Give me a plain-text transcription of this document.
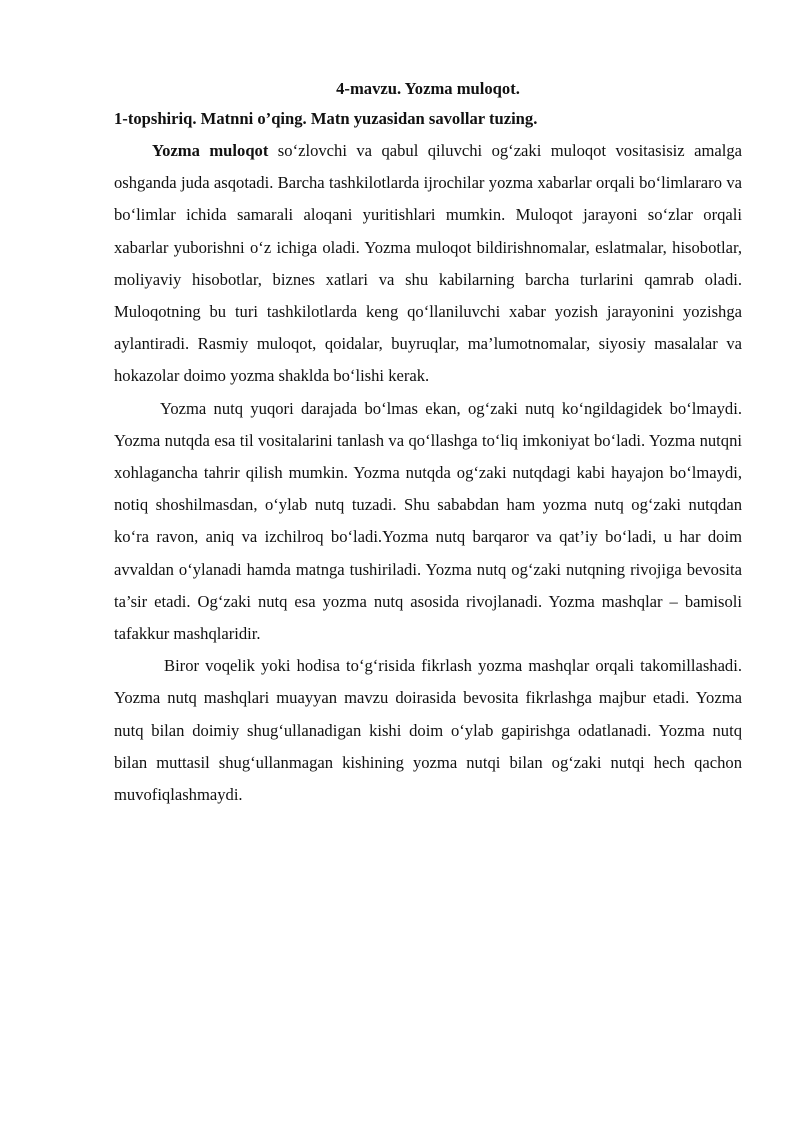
4-mavzu. Yozma muloqot.

1-topshiriq. Matnni o’qing. Matn yuzasidan savollar tuzing.

Yozma muloqot so‘zlovchi va qabul qiluvchi og‘zaki muloqot vositasisiz amalga oshganda juda asqotadi. Barcha tashkilotlarda ijrochilar yozma xabarlar orqali bo‘limlararo va bo‘limlar ichida samarali aloqani yuritishlari mumkin. Muloqot jarayoni so‘zlar orqali xabarlar yuborishni o‘z ichiga oladi. Yozma muloqot bildirishnomalar, eslatmalar, hisobotlar, moliyaviy hisobotlar, biznes xatlari va shu kabilarning barcha turlarini qamrab oladi. Muloqotning bu turi tashkilotlarda keng qo‘llaniluvchi xabar yozish jarayonini yozishga aylantiradi. Rasmiy muloqot, qoidalar, buyruqlar, ma’lumotnomalar, siyosiy masalalar va hokazolar doimo yozma shaklda bo‘lishi kerak.

Yozma nutq yuqori darajada bo‘lmas ekan, og‘zaki nutq ko‘ngildagidek bo‘lmaydi. Yozma nutqda esa til vositalarini tanlash va qo‘llashga to‘liq imkoniyat bo‘ladi. Yozma nutqni xohlagancha tahrir qilish mumkin. Yozma nutqda og‘zaki nutqdagi kabi hayajon bo‘lmaydi, notiq shoshilmasdan, o‘ylab nutq tuzadi. Shu sababdan ham yozma nutq og‘zaki nutqdan ko‘ra ravon, aniq va izchilroq bo‘ladi.Yozma nutq barqaror va qat’iy bo‘ladi, u har doim avvaldan o‘ylanadi hamda matnga tushiriladi. Yozma nutq og‘zaki nutqning rivojiga bevosita ta’sir etadi. Og‘zaki nutq esa yozma nutq asosida rivojlanadi. Yozma mashqlar – bamisoli tafakkur mashqlaridir.

Biror voqelik yoki hodisa to‘g‘risida fikrlash yozma mashqlar orqali takomillashadi. Yozma nutq mashqlari muayyan mavzu doirasida bevosita fikrlashga majbur etadi. Yozma nutq bilan doimiy shug‘ullanadigan kishi doim o‘ylab gapirishga odatlanadi. Yozma nutq bilan muttasil shug‘ullanmagan kishining yozma nutqi bilan og‘zaki nutqi hech qachon muvofiqlashmaydi.
